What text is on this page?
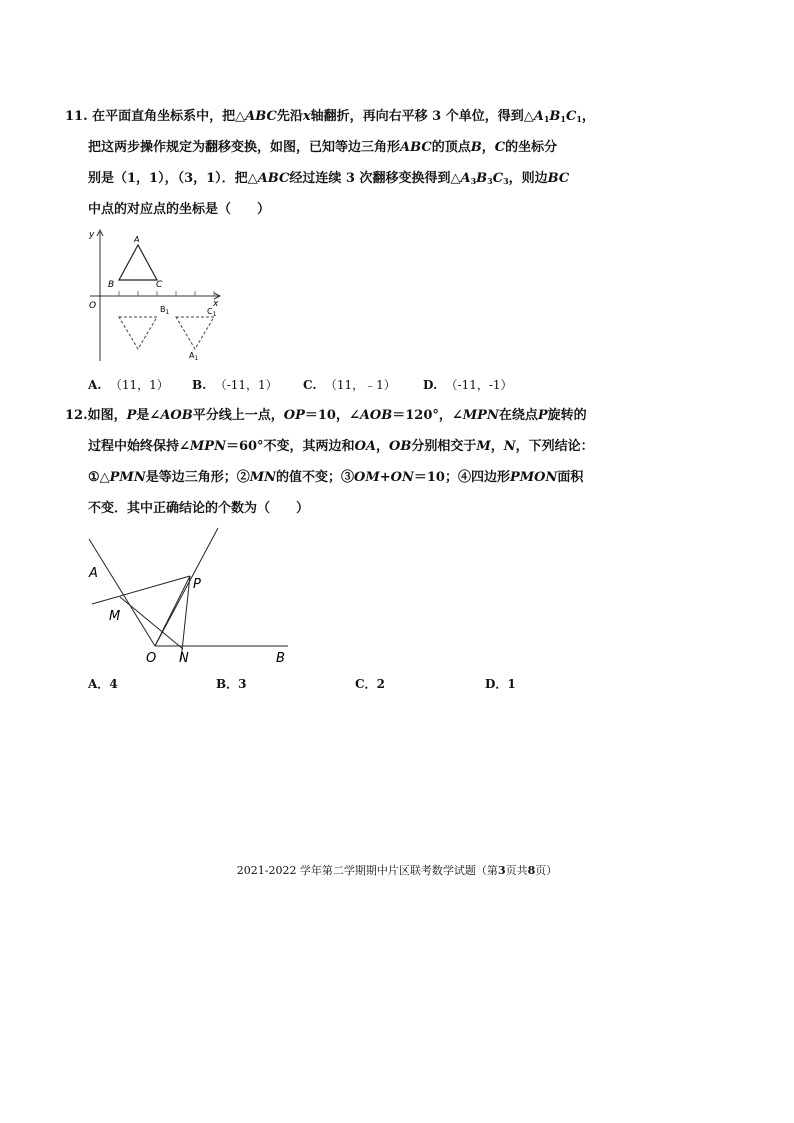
11. 在平面直角坐标系中，把△ABC先沿x轴翻折，再向右平移 3 个单位，得到$\triangle A_1B_1C_1$，
把这两步操作规定为翻移变换，如图，已知等边三角形ABC的顶点B，C的坐标分
别是（1，1），（3，1）．把△ABC经过连续 3 次翻移变换得到$\triangle A_3B_3C_3$，则边BC
中点的对应点的坐标是（　　）
y
x
O
A
B	C
$B_1$	$C_1$
$A_1$
A. （11，1） B. （-11，1） C. （11，﹣1） D. （-11，-1）
12.如图，P是∠AOB平分线上一点，OP＝10，∠AOB＝120°，∠MPN在绕点P旋转的
过程中始终保持∠MPN＝60°不变，其两边和OA，OB分别相交于M，N，下列结论：
①△PMN是等边三角形；②MN的值不变；③OM+ON＝10；④四边形PMON面积
不变．其中正确结论的个数为（　　）
A
M
P
O N	B
A．4	B．3	C．2	D．1
2021-2022 学年第二学期期中片区联考数学试题（第3页共8页）
